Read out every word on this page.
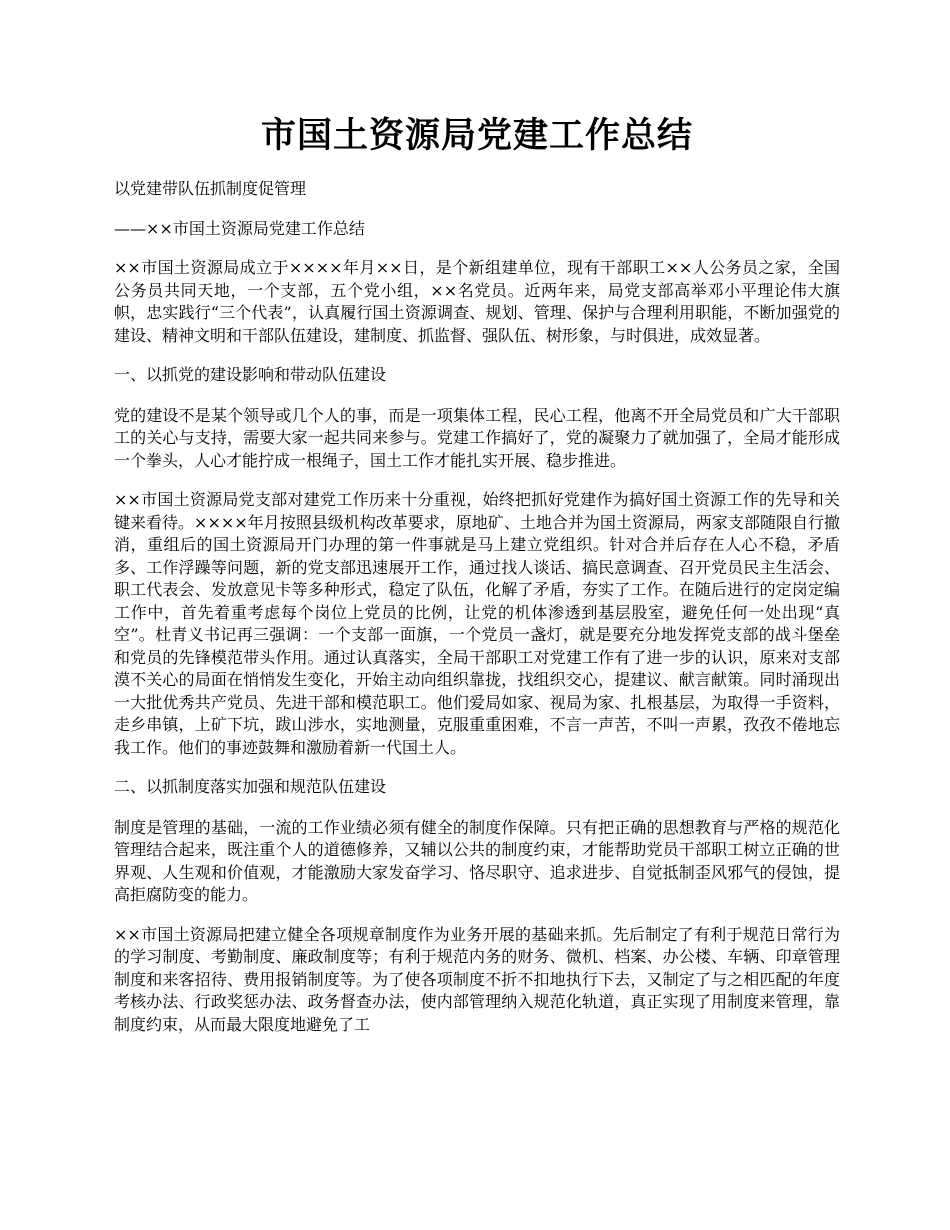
市国土资源局党建工作总结

以党建带队伍抓制度促管理

——××市国土资源局党建工作总结

××市国土资源局成立于××××年月××日，是个新组建单位，现有干部职工××人公务员之家，全国公务员共同天地，一个支部，五个党小组，××名党员。近两年来，局党支部高举邓小平理论伟大旗帜，忠实践行“三个代表”，认真履行国土资源调查、规划、管理、保护与合理利用职能，不断加强党的建设、精神文明和干部队伍建设，建制度、抓监督、强队伍、树形象，与时俱进，成效显著。

一、以抓党的建设影响和带动队伍建设

党的建设不是某个领导或几个人的事，而是一项集体工程，民心工程，他离不开全局党员和广大干部职工的关心与支持，需要大家一起共同来参与。党建工作搞好了，党的凝聚力了就加强了，全局才能形成一个拳头，人心才能拧成一根绳子，国土工作才能扎实开展、稳步推进。

××市国土资源局党支部对建党工作历来十分重视，始终把抓好党建作为搞好国土资源工作的先导和关键来看待。××××年月按照县级机构改革要求，原地矿、土地合并为国土资源局，两家支部随限自行撤消，重组后的国土资源局开门办理的第一件事就是马上建立党组织。针对合并后存在人心不稳，矛盾多、工作浮躁等问题，新的党支部迅速展开工作，通过找人谈话、搞民意调查、召开党员民主生活会、职工代表会、发放意见卡等多种形式，稳定了队伍，化解了矛盾，夯实了工作。在随后进行的定岗定编工作中，首先着重考虑每个岗位上党员的比例，让党的机体渗透到基层股室，避免任何一处出现“真空”。杜青义书记再三强调：一个支部一面旗，一个党员一盏灯，就是要充分地发挥党支部的战斗堡垒和党员的先锋模范带头作用。通过认真落实，全局干部职工对党建工作有了进一步的认识，原来对支部漠不关心的局面在悄悄发生变化，开始主动向组织靠拢，找组织交心，提建议、献言献策。同时涌现出一大批优秀共产党员、先进干部和模范职工。他们爱局如家、视局为家、扎根基层，为取得一手资料，走乡串镇，上矿下坑，跋山涉水，实地测量，克服重重困难，不言一声苦，不叫一声累，孜孜不倦地忘我工作。他们的事迹鼓舞和激励着新一代国土人。

二、以抓制度落实加强和规范队伍建设

制度是管理的基础，一流的工作业绩必须有健全的制度作保障。只有把正确的思想教育与严格的规范化管理结合起来，既注重个人的道德修养，又辅以公共的制度约束，才能帮助党员干部职工树立正确的世界观、人生观和价值观，才能激励大家发奋学习、恪尽职守、追求进步、自觉抵制歪风邪气的侵蚀，提高拒腐防变的能力。

××市国土资源局把建立健全各项规章制度作为业务开展的基础来抓。先后制定了有利于规范日常行为的学习制度、考勤制度、廉政制度等；有利于规范内务的财务、微机、档案、办公楼、车辆、印章管理制度和来客招待、费用报销制度等。为了使各项制度不折不扣地执行下去，又制定了与之相匹配的年度考核办法、行政奖惩办法、政务督查办法，使内部管理纳入规范化轨道，真正实现了用制度来管理，靠制度约束，从而最大限度地避免了工
